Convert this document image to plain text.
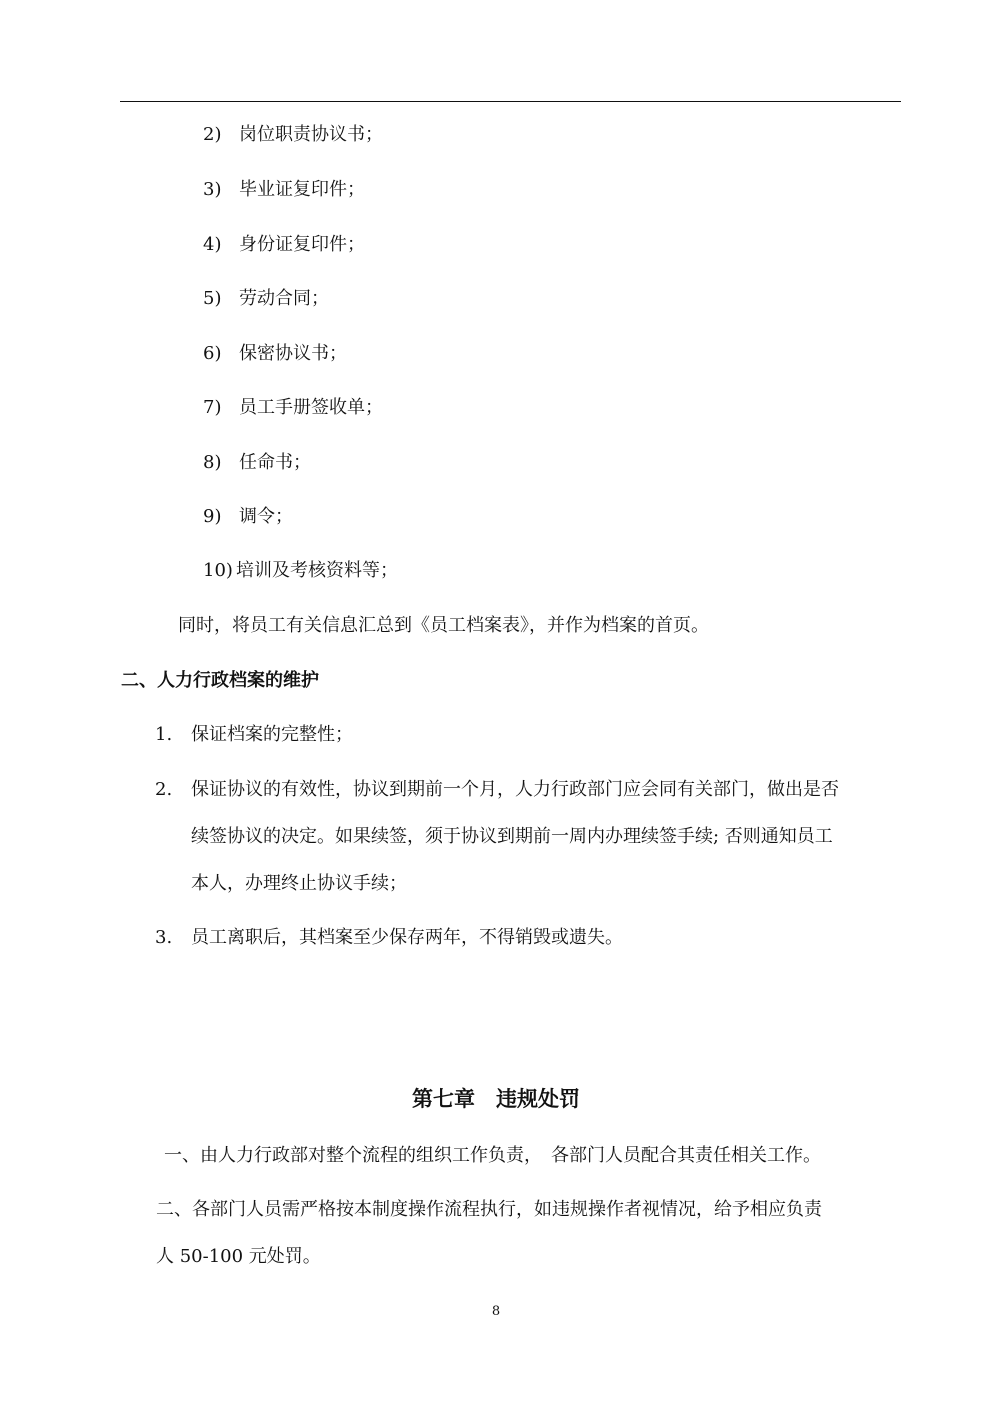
2) 岗位职责协议书；
3) 毕业证复印件；
4) 身份证复印件；
5) 劳动合同；
6) 保密协议书；
7) 员工手册签收单；
8) 任命书；
9) 调令；
10) 培训及考核资料等；
同时，将员工有关信息汇总到《员工档案表》，并作为档案的首页。
二、人力行政档案的维护
1. 保证档案的完整性；
2. 保证协议的有效性，协议到期前一个月，人力行政部门应会同有关部门，做出是否
续签协议的决定。如果续签，须于协议到期前一周内办理续签手续; 否则通知员工
本人，办理终止协议手续；
3. 员工离职后，其档案至少保存两年，不得销毁或遗失。
第七章　违规处罚
一、由人力行政部对整个流程的组织工作负责，　各部门人员配合其责任相关工作。
二、各部门人员需严格按本制度操作流程执行，如违规操作者视情况，给予相应负责
人 50-100 元处罚。
8
